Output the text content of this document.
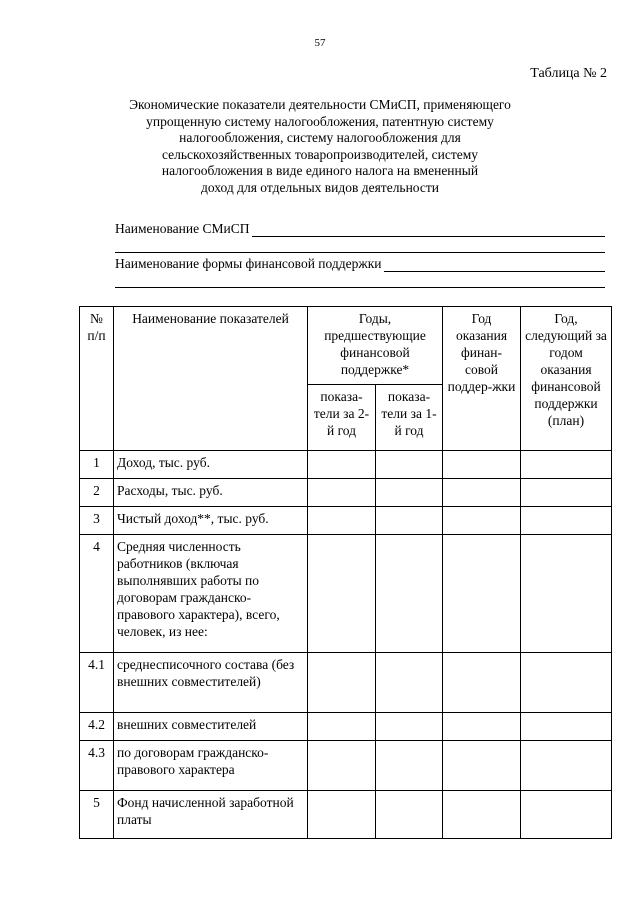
57
Таблица № 2
Экономические показатели деятельности СМиСП, применяющего
упрощенную систему налогообложения, патентную систему
налогообложения, систему налогообложения для
сельскохозяйственных товаропроизводителей, систему
налогообложения в виде единого налога на вмененный
доход для отдельных видов деятельности
Наименование СМиСП
Наименование формы финансовой поддержки
№ п/п	Наименование показателей	Годы, предшествующие финансовой поддержке*		Год оказания финан-совой поддер-жки	Год, следующий за годом оказания финансовой поддержки (план)
		показа-тели за 2-й год	показа-тели за 1-й год		
1	Доход, тыс. руб.				
2	Расходы, тыс. руб.				
3	Чистый доход**, тыс. руб.				
4	Средняя численность работников (включая выполнявших работы по договорам гражданско-правового характера), всего, человек, из нее:				
4.1	среднесписочного состава (без внешних совместителей)				
4.2	внешних совместителей				
4.3	по договорам гражданско-правового характера				
5	Фонд начисленной заработной платы				
